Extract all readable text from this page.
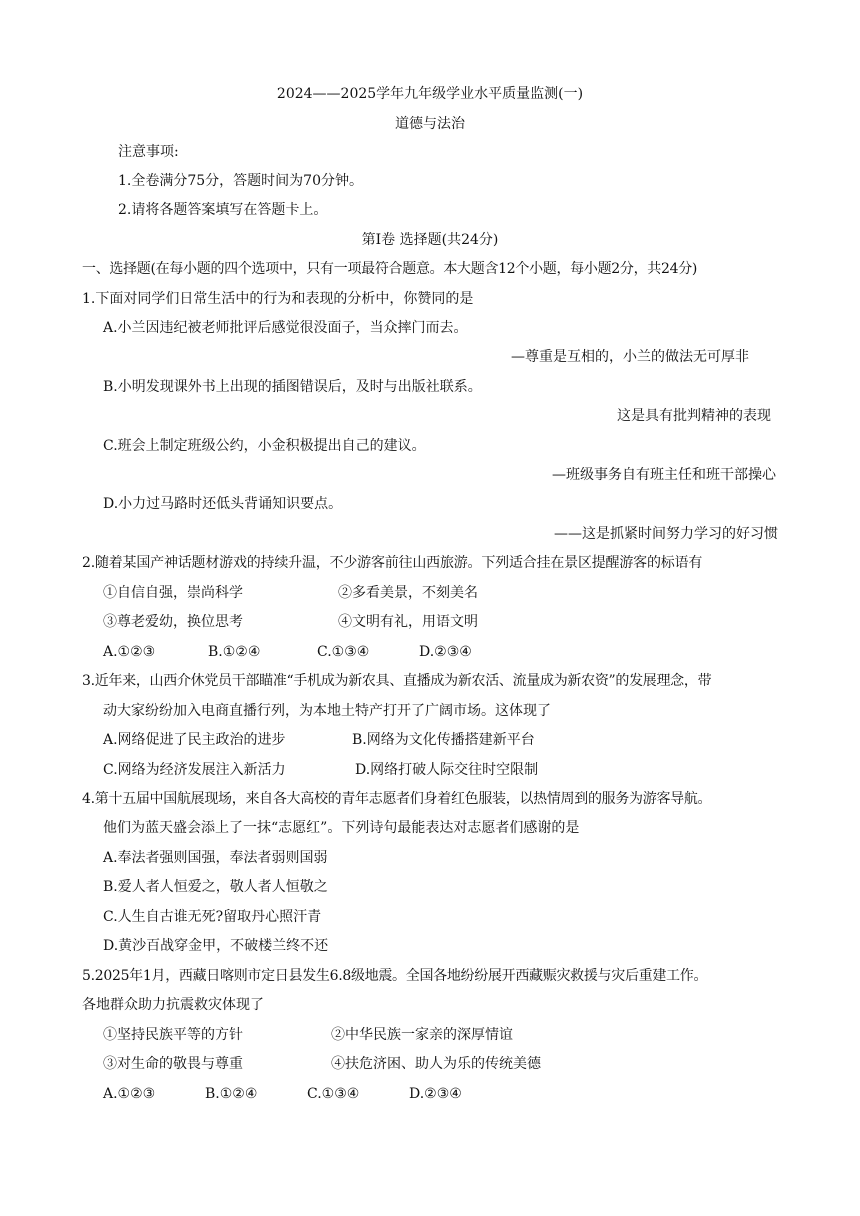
2024——2025学年九年级学业水平质量监测(一)
道德与法治
注意事项:
1.全卷满分75分，答题时间为70分钟。
2.请将各题答案填写在答题卡上。
第Ⅰ卷 选择题(共24分)
一、选择题(在每小题的四个选项中，只有一项最符合题意。本大题含12个小题，每小题2分，共24分)
1.下面对同学们日常生活中的行为和表现的分析中，你赞同的是
A.小兰因违纪被老师批评后感觉很没面子，当众摔门而去。
—尊重是互相的，小兰的做法无可厚非
B.小明发现课外书上出现的插图错误后，及时与出版社联系。
这是具有批判精神的表现
C.班会上制定班级公约，小金积极提出自己的建议。
—班级事务自有班主任和班干部操心
D.小力过马路时还低头背诵知识要点。
——这是抓紧时间努力学习的好习惯
2.随着某国产神话题材游戏的持续升温，不少游客前往山西旅游。下列适合挂在景区提醒游客的标语有
①自信自强，崇尚科学	②多看美景，不刻美名
③尊老爱幼，换位思考	④文明有礼，用语文明
A.①②③	B.①②④	C.①③④	D.②③④
3.近年来，山西介休党员干部瞄准“手机成为新农具、直播成为新农活、流量成为新农资”的发展理念，带
动大家纷纷加入电商直播行列，为本地土特产打开了广阔市场。这体现了
A.网络促进了民主政治的进步	B.网络为文化传播搭建新平台
C.网络为经济发展注入新活力	D.网络打破人际交往时空限制
4.第十五届中国航展现场，来自各大高校的青年志愿者们身着红色服装，以热情周到的服务为游客导航。
他们为蓝天盛会添上了一抹“志愿红”。下列诗句最能表达对志愿者们感谢的是
A.奉法者强则国强，奉法者弱则国弱
B.爱人者人恒爱之，敬人者人恒敬之
C.人生自古谁无死?留取丹心照汗青
D.黄沙百战穿金甲，不破楼兰终不还
5.2025年1月，西藏日喀则市定日县发生6.8级地震。全国各地纷纷展开西藏赈灾救援与灾后重建工作。
各地群众助力抗震救灾体现了
①坚持民族平等的方针	②中华民族一家亲的深厚情谊
③对生命的敬畏与尊重	④扶危济困、助人为乐的传统美德
A.①②③	B.①②④	C.①③④	D.②③④
